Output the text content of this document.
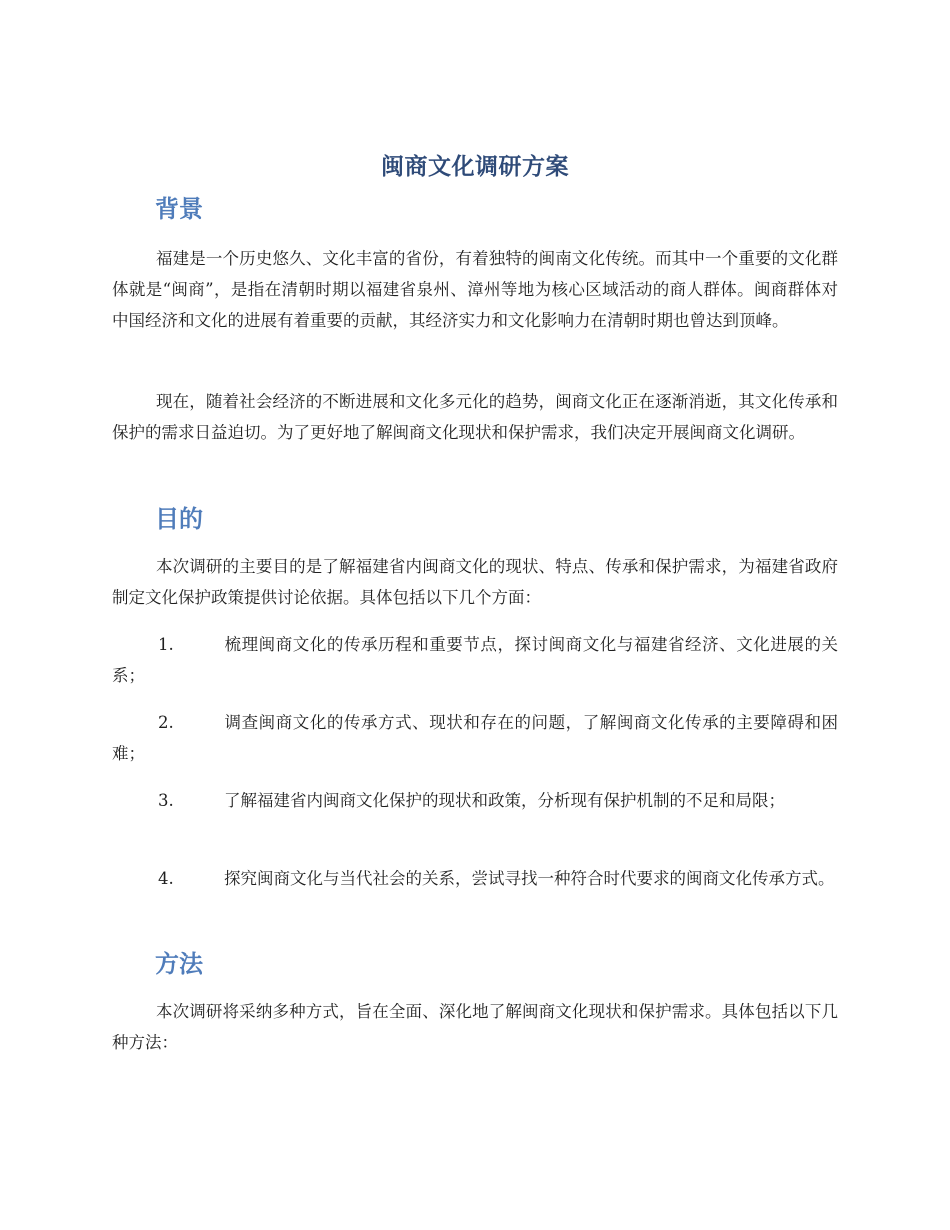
闽商文化调研方案
背景

福建是一个历史悠久、文化丰富的省份，有着独特的闽南文化传统。而其中一个重要的文化群体就是“闽商”，是指在清朝时期以福建省泉州、漳州等地为核心区域活动的商人群体。闽商群体对中国经济和文化的进展有着重要的贡献，其经济实力和文化影响力在清朝时期也曾达到顶峰。

现在，随着社会经济的不断进展和文化多元化的趋势，闽商文化正在逐渐消逝，其文化传承和保护的需求日益迫切。为了更好地了解闽商文化现状和保护需求，我们决定开展闽商文化调研。

目的

本次调研的主要目的是了解福建省内闽商文化的现状、特点、传承和保护需求，为福建省政府制定文化保护政策提供讨论依据。具体包括以下几个方面：

1.	梳理闽商文化的传承历程和重要节点，探讨闽商文化与福建省经济、文化进展的关系；

2.	调查闽商文化的传承方式、现状和存在的问题，了解闽商文化传承的主要障碍和困难；

3.	了解福建省内闽商文化保护的现状和政策，分析现有保护机制的不足和局限；

4.	探究闽商文化与当代社会的关系，尝试寻找一种符合时代要求的闽商文化传承方式。

方法

本次调研将采纳多种方式，旨在全面、深化地了解闽商文化现状和保护需求。具体包括以下几种方法：
